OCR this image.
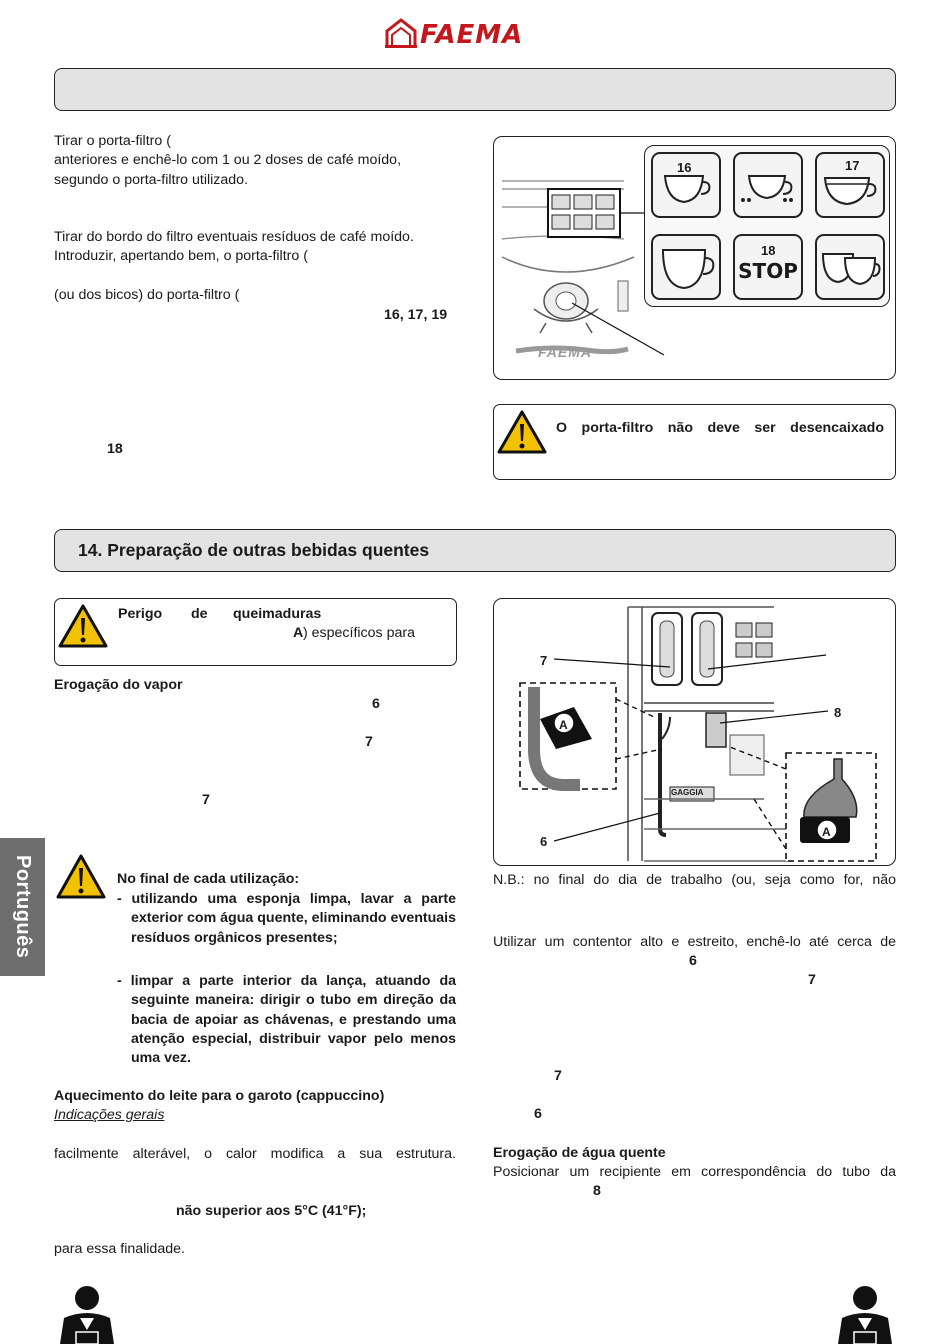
FAEMA
Tirar o porta-filtro (
anteriores e enchê-lo com 1 ou 2 doses de café moído,
segundo o porta-filtro utilizado.
Tirar do bordo do filtro eventuais resíduos de café moído.
Introduzir, apertando bem, o porta-filtro (
(ou dos bicos) do porta-filtro (
16, 17, 19
18
STOP
16	17
18
FAEMA
O porta-filtro não deve ser desencaixado
14. Preparação de outras bebidas quentes
Perigo de queimaduras
A ) específicos para
Erogação do vapor
6
7
7
No final de cada utilização:
- utilizando uma esponja limpa, lavar a parte exterior com água quente, eliminando eventuais resíduos orgânicos presentes;
- limpar a parte interior da lança, atuando da seguinte maneira: dirigir o tubo em direção da bacia de apoiar as chávenas, e prestando uma atenção especial, distribuir vapor pelo menos uma vez.
Aquecimento do leite para o garoto (cappuccino)
Indicações gerais
facilmente alterável, o calor modifica a sua estrutura.
não superior aos 5°C (41°F);
para essa finalidade.
7
8
6
A
A
GAGGIA
N.B.: no final do dia de trabalho (ou, seja como for, não
Utilizar um contentor alto e estreito, enchê-lo até cerca de
6
7
7
6
Erogação de água quente
Posicionar um recipiente em correspondência do tubo da
8
Português
